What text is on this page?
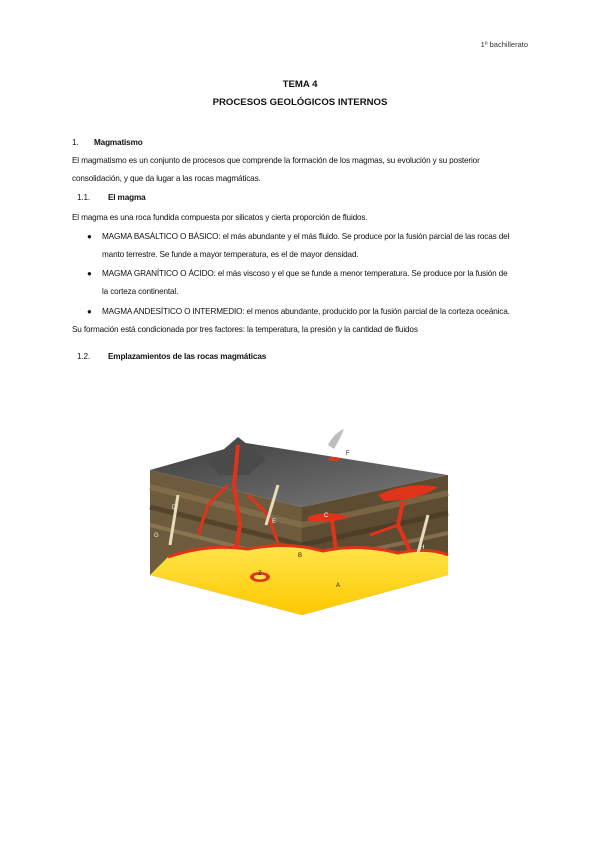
1º bachillerato
TEMA 4
PROCESOS GEOLÓGICOS INTERNOS
1. Magmatismo
El magmatismo es un conjunto de procesos que comprende la formación de los magmas, su evolución y su posterior
consolidación, y que da lugar a las rocas magmáticas.
1.1. El magma
El magma es una roca fundida compuesta por silicatos y cierta proporción de fluidos.
● MAGMA BASÁLTICO O BÁSICO: el más abundante y el más fluido. Se produce por la fusión parcial de las rocas del
manto terrestre. Se funde a mayor temperatura, es el de mayor densidad.
● MAGMA GRANÍTICO O ÁCIDO: el más viscoso y el que se funde a menor temperatura. Se produce por la fusión de
la corteza continental.
● MAGMA ANDESÍTICO O INTERMEDIO: el menos abundante, producido por la fusión parcial de la corteza oceánica.
Su formación está condicionada por tres factores: la temperatura, la presión y la cantidad de fluidos
1.2. Emplazamientos de las rocas magmáticas
A
B
C
D
E
F
G
H
Z
